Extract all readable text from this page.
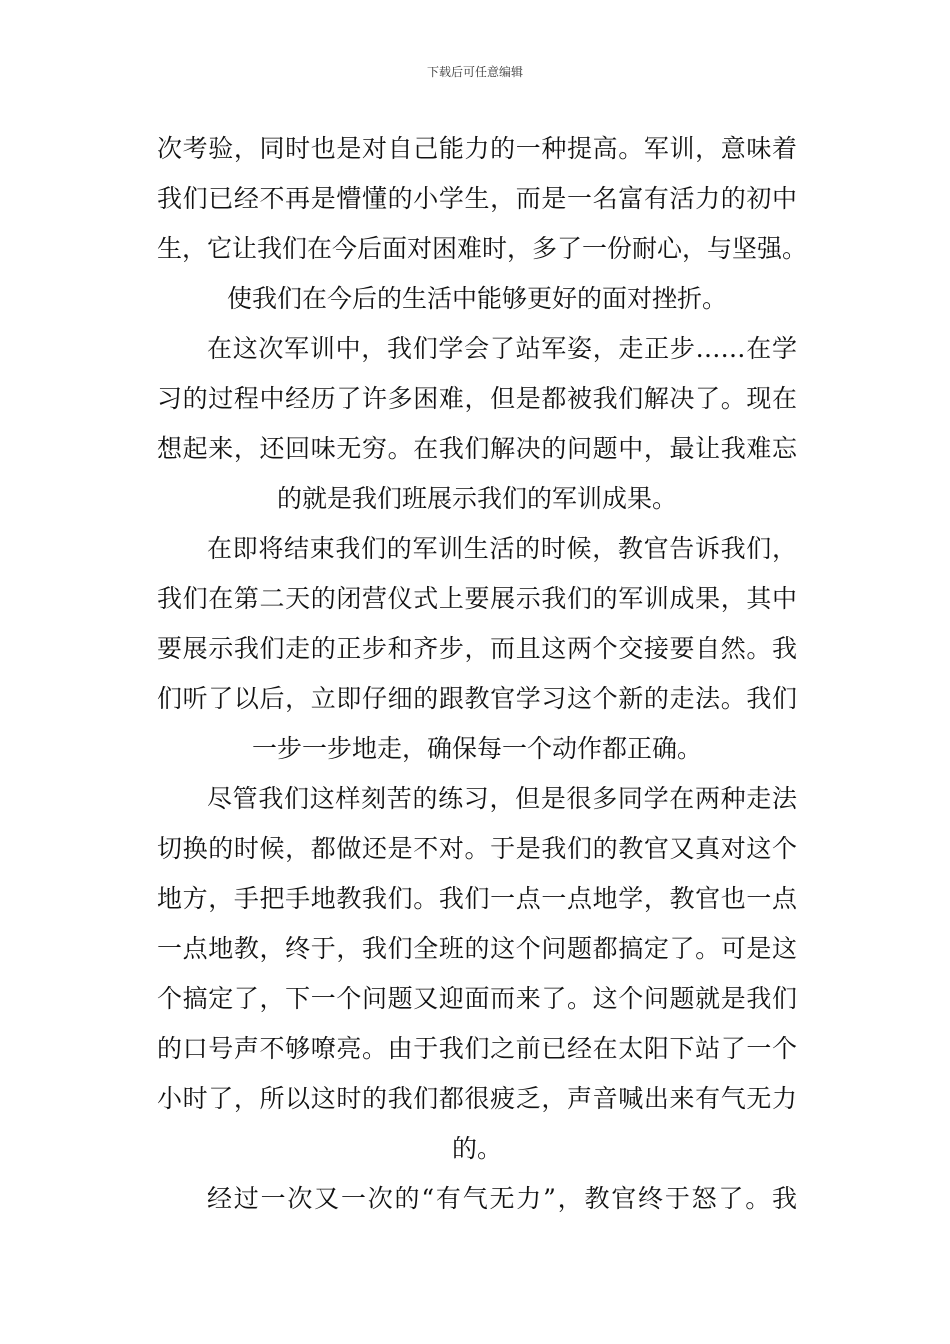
下载后可任意编辑
次考验，同时也是对自己能力的一种提高。军训，意味着
我们已经不再是懵懂的小学生，而是一名富有活力的初中
生，它让我们在今后面对困难时，多了一份耐心，与坚强。
使我们在今后的生活中能够更好的面对挫折。
在这次军训中，我们学会了站军姿，走正步……在学
习的过程中经历了许多困难，但是都被我们解决了。现在
想起来，还回味无穷。在我们解决的问题中，最让我难忘
的就是我们班展示我们的军训成果。
在即将结束我们的军训生活的时候，教官告诉我们，
我们在第二天的闭营仪式上要展示我们的军训成果，其中
要展示我们走的正步和齐步，而且这两个交接要自然。我
们听了以后，立即仔细的跟教官学习这个新的走法。我们
一步一步地走，确保每一个动作都正确。
尽管我们这样刻苦的练习，但是很多同学在两种走法
切换的时候，都做还是不对。于是我们的教官又真对这个
地方，手把手地教我们。我们一点一点地学，教官也一点
一点地教，终于，我们全班的这个问题都搞定了。可是这
个搞定了，下一个问题又迎面而来了。这个问题就是我们
的口号声不够嘹亮。由于我们之前已经在太阳下站了一个
小时了，所以这时的我们都很疲乏，声音喊出来有气无力
的。
经过一次又一次的“有气无力”，教官终于怒了。我
